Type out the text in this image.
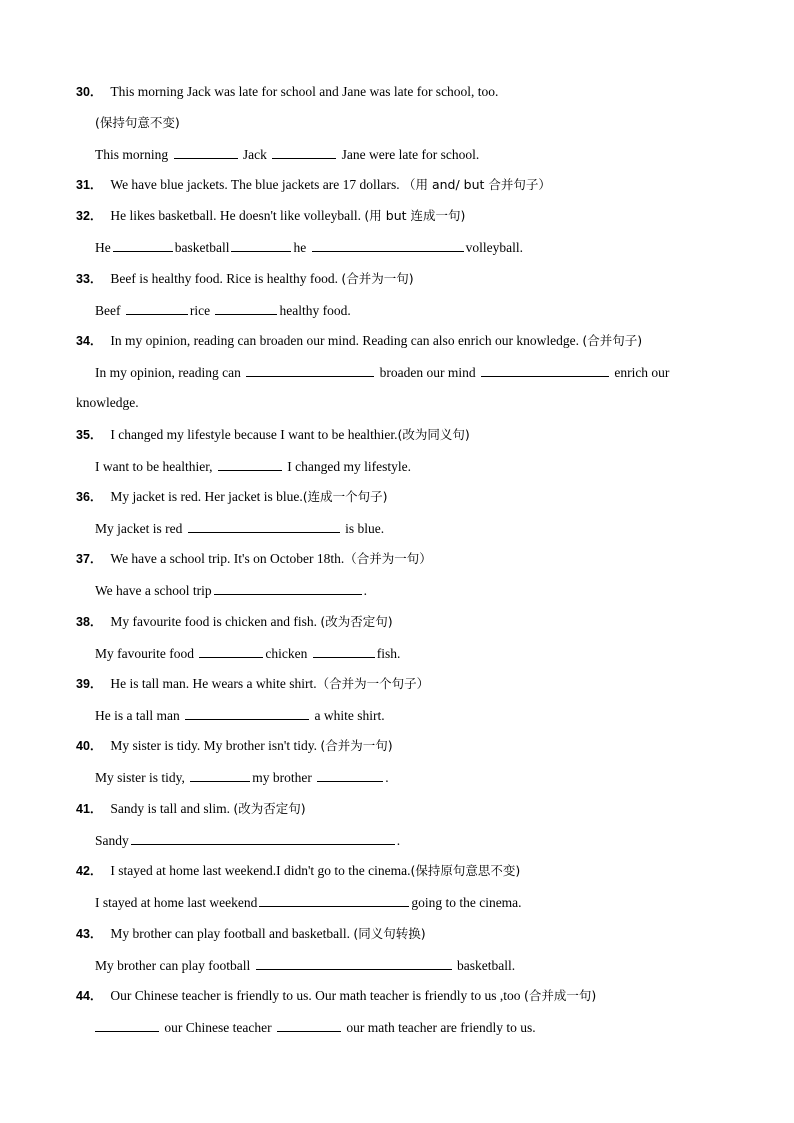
30． This morning Jack was late for school and Jane was late for school, too.
(保持句意不变)
This morning	Jack	Jane were late for school.
31． We have blue jackets. The blue jackets are 17 dollars. （用 and/ but 合并句子）
32． He likes basketball. He doesn't like volleyball. (用 but 连成一句)
He	basketball	he	volleyball.
33． Beef is healthy food. Rice is healthy food. (合并为一句)
Beef	rice	healthy food.
34． In my opinion, reading can broaden our mind. Reading can also enrich our knowledge. (合并句子)
In my opinion, reading can	broaden our mind	enrich our
knowledge.
35． I changed my lifestyle because I want to be healthier.(改为同义句)
I want to be healthier,	I changed my lifestyle.
36． My jacket is red. Her jacket is blue.(连成一个句子)
My jacket is red	is blue.
37． We have a school trip. It's on October 18th.（合并为一句）
We have a school trip	.
38． My favourite food is chicken and fish. (改为否定句)
My favourite food	chicken	fish.
39． He is tall man. He wears a white shirt.（合并为一个句子）
He is a tall man	a white shirt.
40． My sister is tidy. My brother isn't tidy. (合并为一句)
My sister is tidy,	my brother	.
41． Sandy is tall and slim. (改为否定句)
Sandy	.
42． I stayed at home last weekend.I didn't go to the cinema.(保持原句意思不变)
I stayed at home last weekend	going to the cinema.
43． My brother can play football and basketball. (同义句转换)
My brother can play football	basketball.
44． Our Chinese teacher is friendly to us. Our math teacher is friendly to us ,too (合并成一句)
our Chinese teacher	our math teacher are friendly to us.
